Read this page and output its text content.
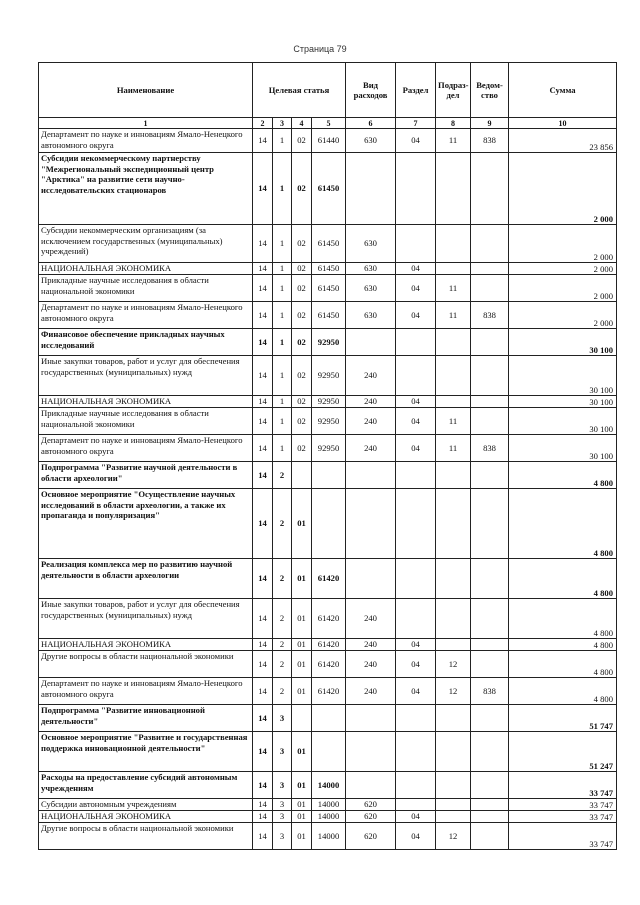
Страница 79
Наименование	Целевая статья				Вид расходов	Раздел	Подраз-дел	Ведом-ство	Сумма
1	2	3	4	5	6	7	8	9	10
Департамент по науке и инновациям Ямало-Ненецкого автономного округа	14	1	02	61440	630	04	11	838	23 856
Субсидии некоммерческому партнерству "Межрегиональный экспедиционный центр "Арктика" на развитие сети научно-исследовательских стационаров	14	1	02	61450					2 000
Субсидии некоммерческим организациям (за исключением государственных (муниципальных) учреждений)	14	1	02	61450	630				2 000
НАЦИОНАЛЬНАЯ ЭКОНОМИКА	14	1	02	61450	630	04			2 000
Прикладные научные исследования в области национальной экономики	14	1	02	61450	630	04	11		2 000
Департамент по науке и инновациям Ямало-Ненецкого автономного округа	14	1	02	61450	630	04	11	838	2 000
Финансовое обеспечение прикладных научных исследований	14	1	02	92950					30 100
Иные закупки товаров, работ и услуг для обеспечения государственных (муниципальных) нужд	14	1	02	92950	240				30 100
НАЦИОНАЛЬНАЯ ЭКОНОМИКА	14	1	02	92950	240	04			30 100
Прикладные научные исследования в области национальной экономики	14	1	02	92950	240	04	11		30 100
Департамент по науке и инновациям Ямало-Ненецкого автономного округа	14	1	02	92950	240	04	11	838	30 100
Подпрограмма "Развитие научной деятельности в области археологии"	14	2							4 800
Основное мероприятие "Осуществление научных исследований в области археологии, а также их пропаганда и популяризация"	14	2	01						4 800
Реализация комплекса мер по развитию научной деятельности в области археологии	14	2	01	61420					4 800
Иные закупки товаров, работ и услуг для обеспечения государственных (муниципальных) нужд	14	2	01	61420	240				4 800
НАЦИОНАЛЬНАЯ ЭКОНОМИКА	14	2	01	61420	240	04			4 800
Другие вопросы в области национальной экономики	14	2	01	61420	240	04	12		4 800
Департамент по науке и инновациям Ямало-Ненецкого автономного округа	14	2	01	61420	240	04	12	838	4 800
Подпрограмма "Развитие инновационной деятельности"	14	3							51 747
Основное мероприятие "Развитие и государственная поддержка инновационной деятельности"	14	3	01						51 247
Расходы на предоставление субсидий автономным учреждениям	14	3	01	14000					33 747
Субсидии автономным учреждениям	14	3	01	14000	620				33 747
НАЦИОНАЛЬНАЯ ЭКОНОМИКА	14	3	01	14000	620	04			33 747
Другие вопросы в области национальной экономики	14	3	01	14000	620	04	12		33 747
